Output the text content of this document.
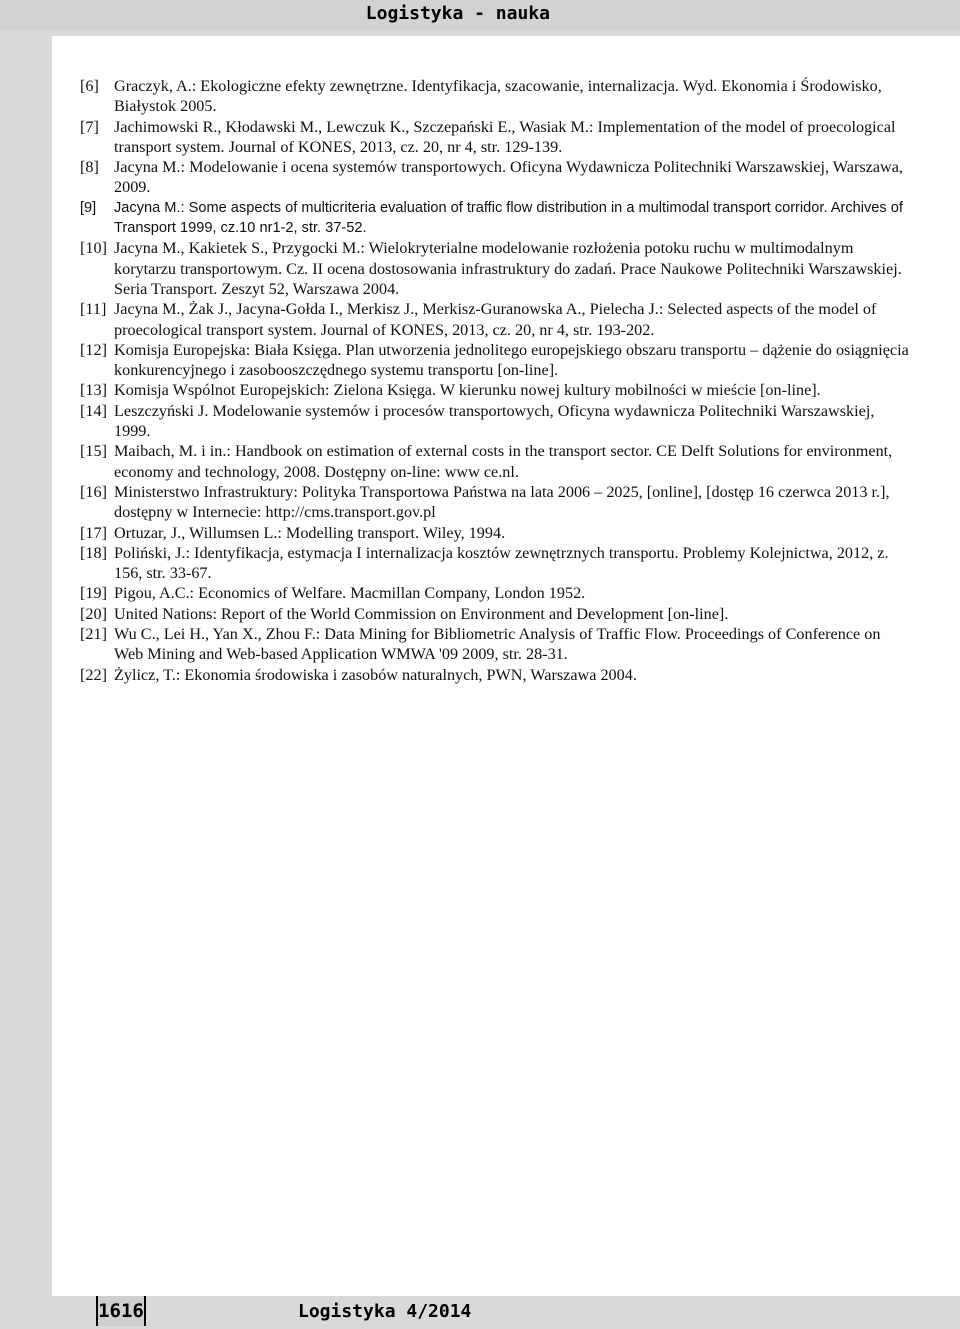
Logistyka - nauka
[6] Graczyk, A.: Ekologiczne efekty zewnętrzne. Identyfikacja, szacowanie, internalizacja. Wyd. Ekonomia i Środowisko, Białystok 2005.
[7] Jachimowski R., Kłodawski M., Lewczuk K., Szczepański E., Wasiak M.: Implementation of the model of proecological transport system. Journal of KONES, 2013, cz. 20, nr 4, str. 129-139.
[8] Jacyna M.: Modelowanie i ocena systemów transportowych. Oficyna Wydawnicza Politechniki Warszawskiej, Warszawa, 2009.
[9]	Jacyna M.: Some aspects of multicriteria evaluation of traffic flow distribution in a multimodal transport corridor. Archives of Transport 1999, cz.10 nr1-2, str. 37-52.
[10] Jacyna M., Kakietek S., Przygocki M.: Wielokryterialne modelowanie rozłożenia potoku ruchu w multimodalnym korytarzu transportowym. Cz. II ocena dostosowania infrastruktury do zadań. Prace Naukowe Politechniki Warszawskiej. Seria Transport. Zeszyt 52, Warszawa 2004.
[11] Jacyna M., Żak J., Jacyna-Gołda I., Merkisz J., Merkisz-Guranowska A., Pielecha J.: Selected aspects of the model of proecological transport system. Journal of KONES, 2013, cz. 20, nr 4, str. 193-202.
[12] Komisja Europejska: Biała Księga. Plan utworzenia jednolitego europejskiego obszaru transportu – dążenie do osiągnięcia konkurencyjnego i zasobooszczędnego systemu transportu [on-line].
[13] Komisja Wspólnot Europejskich: Zielona Księga. W kierunku nowej kultury mobilności w mieście [on-line].
[14] Leszczyński J. Modelowanie systemów i procesów transportowych, Oficyna wydawnicza Politechniki Warszawskiej, 1999.
[15] Maibach, M. i in.: Handbook on estimation of external costs in the transport sector. CE Delft Solutions for environment, economy and technology, 2008. Dostępny on-line: www ce.nl.
[16] Ministerstwo Infrastruktury: Polityka Transportowa Państwa na lata 2006 – 2025, [online], [dostęp 16 czerwca 2013 r.], dostępny w Internecie: http://cms.transport.gov.pl
[17] Ortuzar, J., Willumsen L.: Modelling transport. Wiley, 1994.
[18] Poliński, J.: Identyfikacja, estymacja I internalizacja kosztów zewnętrznych transportu. Problemy Kolejnictwa, 2012, z. 156, str. 33-67.
[19] Pigou, A.C.: Economics of Welfare. Macmillan Company, London 1952.
[20] United Nations: Report of the World Commission on Environment and Development [on-line].
[21] Wu C., Lei H., Yan X., Zhou F.: Data Mining for Bibliometric Analysis of Traffic Flow. Proceedings of Conference on Web Mining and Web-based Application WMWA '09 2009, str. 28-31.
[22] Żylicz, T.: Ekonomia środowiska i zasobów naturalnych, PWN, Warszawa 2004.
1616	Logistyka 4/2014
